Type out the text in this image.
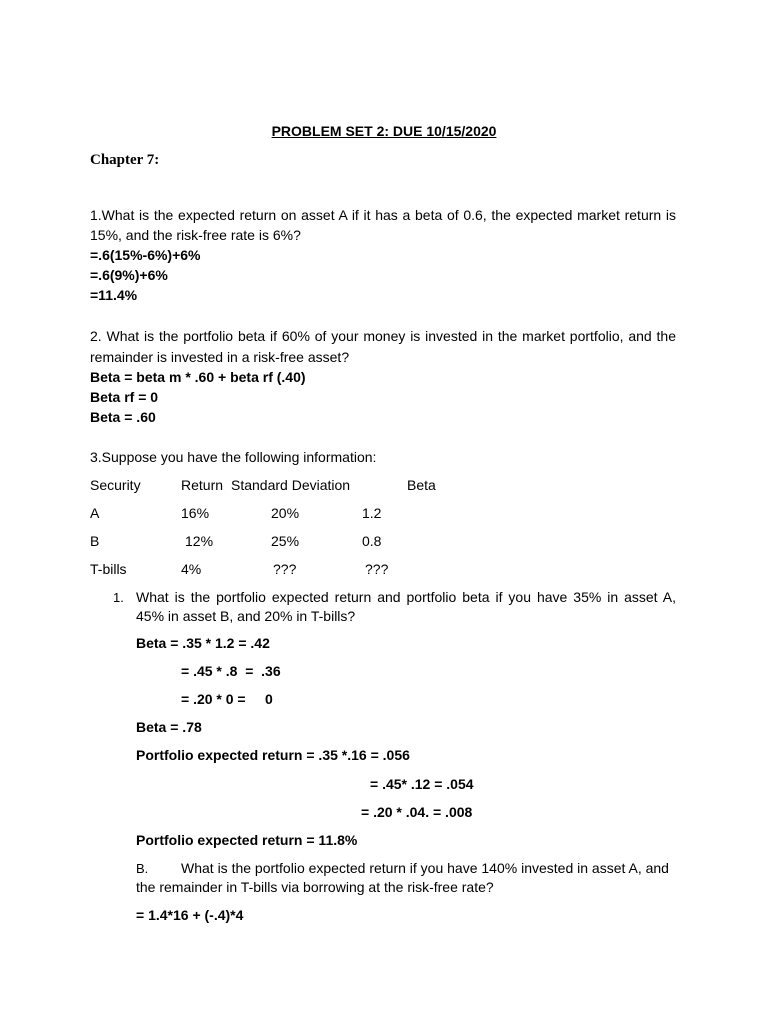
PROBLEM SET 2: DUE 10/15/2020
Chapter 7:
1.What is the expected return on asset A if it has a beta of 0.6, the expected market return is 15%, and the risk-free rate is 6%?
=.6(15%-6%)+6%
=.6(9%)+6%
=11.4%
2. What is the portfolio beta if 60% of your money is invested in the market portfolio, and the remainder is invested in a risk-free asset?
Beta = beta m * .60 + beta rf (.40)
Beta rf = 0
Beta = .60
3.Suppose you have the following information:
Security	Return Standard Deviation	Beta
A	16%	20%	1.2
B	12%	25%	0.8
T-bills	4%	???	???
1. What is the portfolio expected return and portfolio beta if you have 35% in asset A, 45% in asset B, and 20% in T-bills?
Beta = .35 * 1.2 = .42
= .45 * .8  =  .36
= .20 * 0 =     0
Beta = .78
Portfolio expected return = .35 *.16 = .056
= .45* .12 = .054
= .20 * .04. = .008
Portfolio expected return = 11.8%
B.	What is the portfolio expected return if you have 140% invested in asset A, and the remainder in T-bills via borrowing at the risk-free rate?
= 1.4*16 + (-.4)*4
